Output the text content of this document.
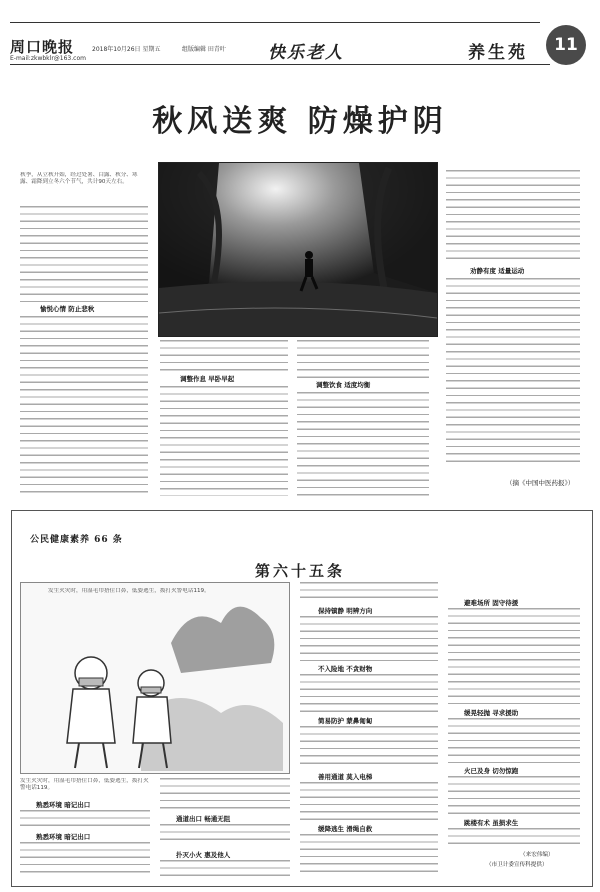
周口晚报	2018年10月26日 星期五	组版编辑 田青叶
E-mail:zkwbklr@163.com	快乐老人	养生苑	11
秋风送爽 防燥护阴
秋季，从立秋开始，经过处暑、白露、秋分、寒露、霜降到立冬六个节气，共计90天左右。
愉悦心情 防止悲秋
调整作息 早卧早起
调整饮食 适度均衡
劝静有度 适量运动
（摘《中国中医药报》）
公民健康素养 66 条
第六十五条
发生火灾时，用湿毛巾捂住口鼻，低姿逃生，拨打火警电话119。
发生火灾时，用湿毛巾捂住口鼻，低姿逃生，拨打火警电话119。
熟悉环境 暗记出口
熟悉环境 暗记出口
通道出口 畅通无阻
扑灭小火 惠及他人
保持镇静 明辨方向
不入险地 不贪财物
简易防护 蒙鼻匍匐
善用通道 莫入电梯
缓降逃生 滑绳自救
避难场所 固守待援
缓晃轻抛 寻求援助
火已及身 切勿惊跑
跳楼有术 虽损求生
（来宏伟编）
（市卫计委宣传科提供）
